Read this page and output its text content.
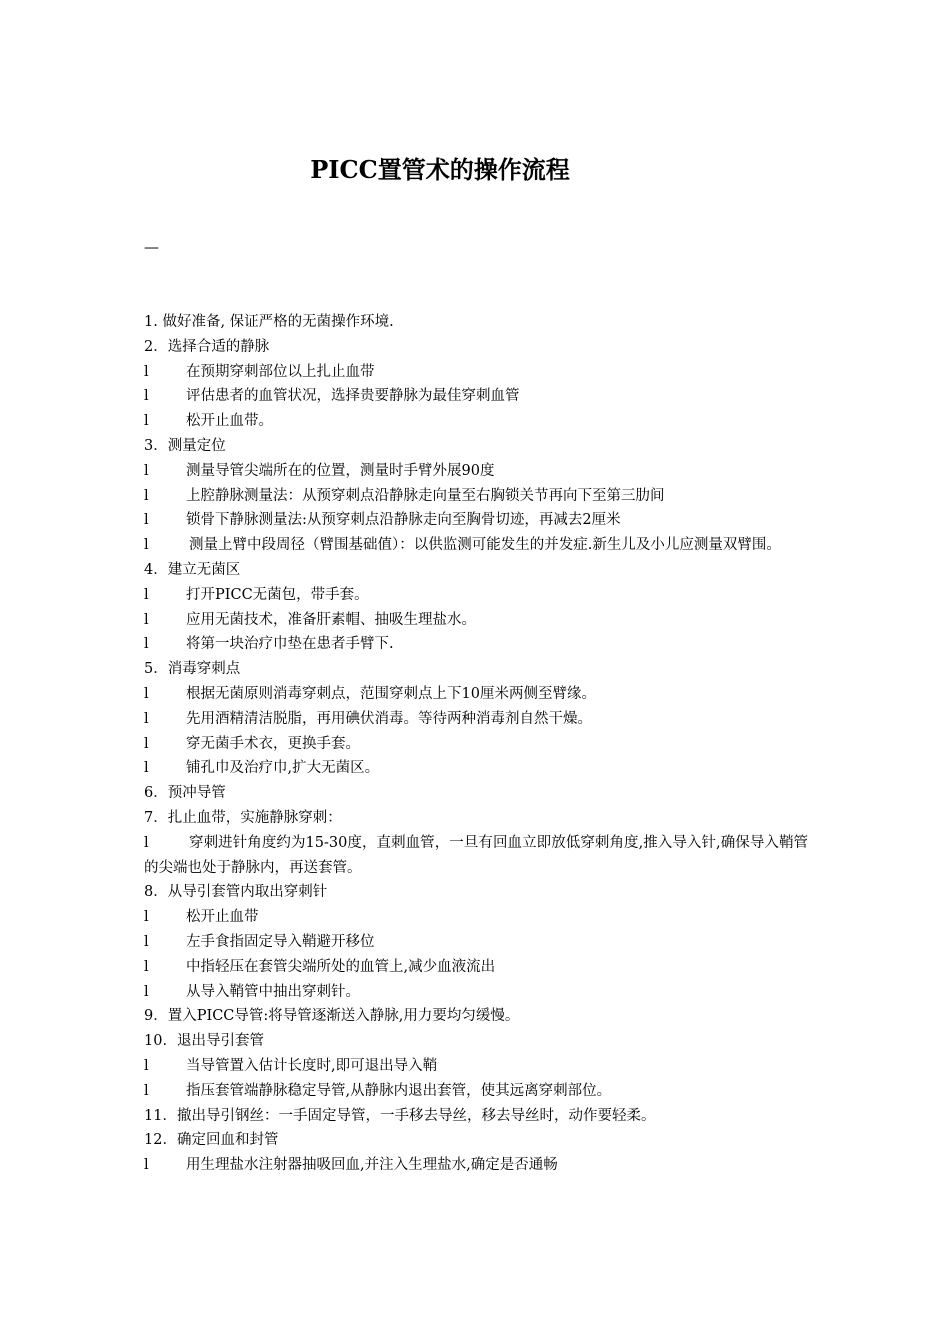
PICC置管术的操作流程
—
1. 做好准备, 保证严格的无菌操作环境.
2．选择合适的静脉
l	在预期穿刺部位以上扎止血带
l	评估患者的血管状况，选择贵要静脉为最佳穿刺血管
l	松开止血带。
3．测量定位
l	测量导管尖端所在的位置，测量时手臂外展90度
l	上腔静脉测量法：从预穿刺点沿静脉走向量至右胸锁关节再向下至第三肋间
l	锁骨下静脉测量法:从预穿刺点沿静脉走向至胸骨切迹，再减去2厘米
l	测量上臂中段周径（臂围基础值）：以供监测可能发生的并发症.新生儿及小儿应测量双臂围。
4．建立无菌区
l	打开PICC无菌包，带手套。
l	应用无菌技术，准备肝素帽、抽吸生理盐水。
l	将第一块治疗巾垫在患者手臂下.
5．消毒穿刺点
l	根据无菌原则消毒穿刺点，范围穿刺点上下10厘米两侧至臂缘。
l	先用酒精清洁脱脂，再用碘伏消毒。等待两种消毒剂自然干燥。
l	穿无菌手术衣，更换手套。
l	铺孔巾及治疗巾,扩大无菌区。
6．预冲导管
7．扎止血带，实施静脉穿刺：
l	穿刺进针角度约为15-30度，直刺血管，一旦有回血立即放低穿刺角度,推入导入针,确保导入鞘管的尖端也处于静脉内，再送套管。
8．从导引套管内取出穿刺针
l	松开止血带
l	左手食指固定导入鞘避开移位
l	中指轻压在套管尖端所处的血管上,减少血液流出
l	从导入鞘管中抽出穿刺针。
9．置入PICC导管:将导管逐渐送入静脉,用力要均匀缓慢。
10．退出导引套管
l	当导管置入估计长度时,即可退出导入鞘
l	指压套管端静脉稳定导管,从静脉内退出套管，使其远离穿刺部位。
11．撤出导引钢丝：一手固定导管，一手移去导丝，移去导丝时，动作要轻柔。
12．确定回血和封管
l	用生理盐水注射器抽吸回血,并注入生理盐水,确定是否通畅
